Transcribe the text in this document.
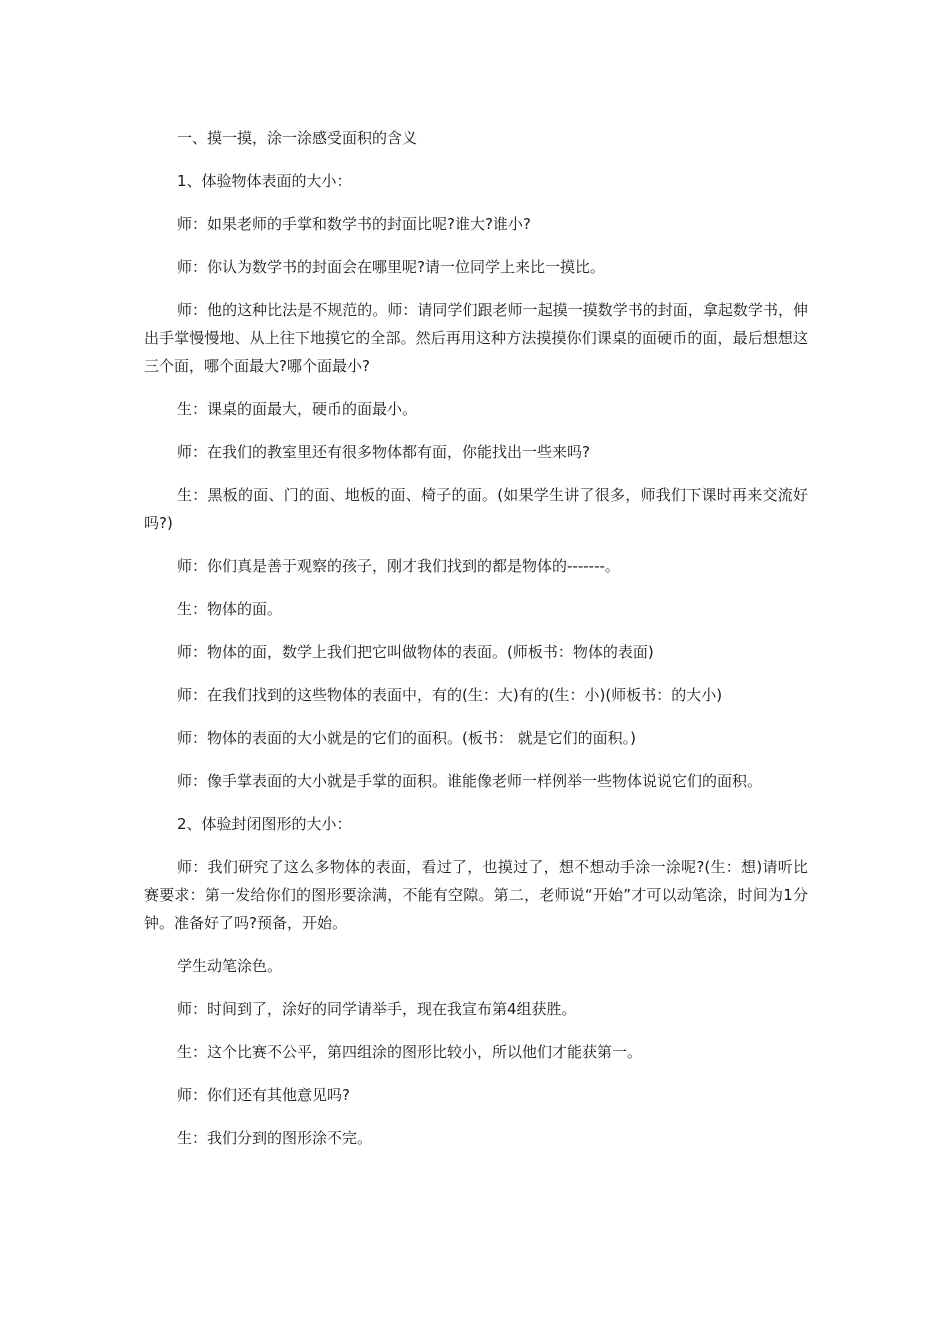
一、摸一摸，涂一涂感受面积的含义

1、体验物体表面的大小：

师：如果老师的手掌和数学书的封面比呢?谁大?谁小?

师：你认为数学书的封面会在哪里呢?请一位同学上来比一摸比。

师：他的这种比法是不规范的。师：请同学们跟老师一起摸一摸数学书的封面，拿起数学书，伸出手掌慢慢地、从上往下地摸它的全部。然后再用这种方法摸摸你们课桌的面硬币的面，最后想想这三个面，哪个面最大?哪个面最小?

生：课桌的面最大，硬币的面最小。

师：在我们的教室里还有很多物体都有面，你能找出一些来吗?

生：黑板的面、门的面、地板的面、椅子的面。(如果学生讲了很多，师我们下课时再来交流好吗?)

师：你们真是善于观察的孩子，刚才我们找到的都是物体的-------。

生：物体的面。

师：物体的面，数学上我们把它叫做物体的表面。(师板书：物体的表面)

师：在我们找到的这些物体的表面中，有的(生：大)有的(生：小)(师板书：的大小)

师：物体的表面的大小就是的它们的面积。(板书： 就是它们的面积。)

师：像手掌表面的大小就是手掌的面积。谁能像老师一样例举一些物体说说它们的面积。

2、体验封闭图形的大小：

师：我们研究了这么多物体的表面，看过了，也摸过了，想不想动手涂一涂呢?(生：想)请听比赛要求：第一发给你们的图形要涂满，不能有空隙。第二，老师说“开始”才可以动笔涂，时间为1分钟。准备好了吗?预备，开始。

学生动笔涂色。

师：时间到了，涂好的同学请举手，现在我宣布第4组获胜。

生：这个比赛不公平，第四组涂的图形比较小，所以他们才能获第一。

师：你们还有其他意见吗?

生：我们分到的图形涂不完。
